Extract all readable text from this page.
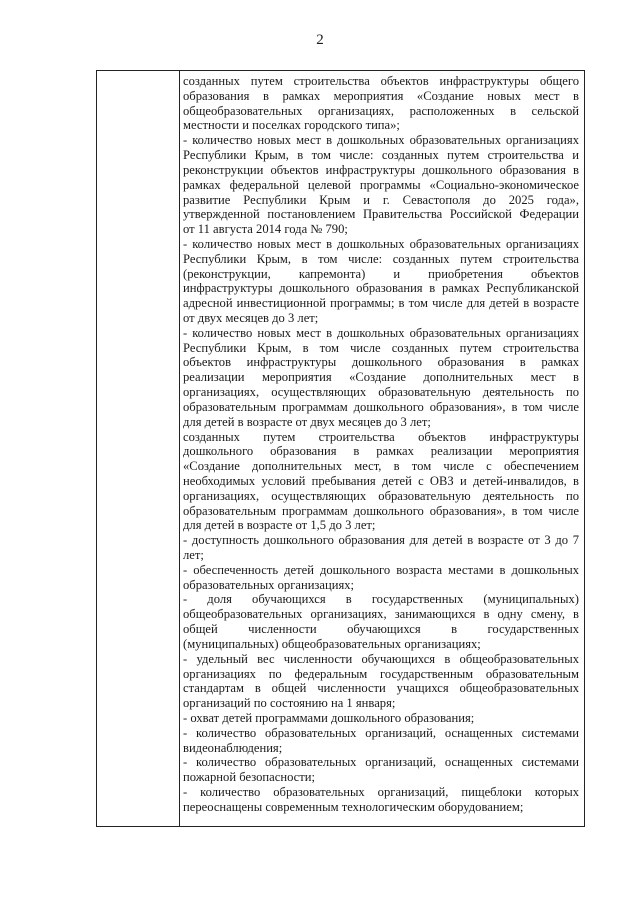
2
созданных путем строительства объектов инфраструктуры общего
образования в рамках мероприятия «Создание новых мест в
общеобразовательных организациях, расположенных в сельской
местности и поселках городского типа»;
- количество новых мест в дошкольных образовательных организациях
Республики Крым, в том числе: созданных путем строительства и
реконструкции объектов инфраструктуры дошкольного образования в
рамках федеральной целевой программы «Социально-экономическое
развитие Республики Крым и г. Севастополя до 2025 года»,
утвержденной постановлением Правительства Российской Федерации
от 11 августа 2014 года № 790;
- количество новых мест в дошкольных образовательных организациях
Республики Крым, в том числе: созданных путем строительства
(реконструкции, капремонта) и приобретения объектов
инфраструктуры дошкольного образования в рамках Республиканской
адресной инвестиционной программы; в том числе для детей в возрасте
от двух месяцев до 3 лет;
- количество новых мест в дошкольных образовательных организациях
Республики Крым, в том числе созданных путем строительства
объектов инфраструктуры дошкольного образования в рамках
реализации мероприятия «Создание дополнительных мест в
организациях, осуществляющих образовательную деятельность по
образовательным программам дошкольного образования», в том числе
для детей в возрасте от двух месяцев до 3 лет;
созданных путем строительства объектов инфраструктуры
дошкольного образования в рамках реализации мероприятия
«Создание дополнительных мест, в том числе с обеспечением
необходимых условий пребывания детей с ОВЗ и детей-инвалидов, в
организациях, осуществляющих образовательную деятельность по
образовательным программам дошкольного образования», в том числе
для детей в возрасте от 1,5 до 3 лет;
- доступность дошкольного образования для детей в возрасте от 3 до 7
лет;
- обеспеченность детей дошкольного возраста местами в дошкольных
образовательных организациях;
- доля обучающихся в государственных (муниципальных)
общеобразовательных организациях, занимающихся в одну смену, в
общей численности обучающихся в государственных
(муниципальных) общеобразовательных организациях;
- удельный вес численности обучающихся в общеобразовательных
организациях по федеральным государственным образовательным
стандартам в общей численности учащихся общеобразовательных
организаций по состоянию на 1 января;
- охват детей программами дошкольного образования;
- количество образовательных организаций, оснащенных системами
видеонаблюдения;
- количество образовательных организаций, оснащенных системами
пожарной безопасности;
- количество образовательных организаций, пищеблоки которых
переоснащены современным технологическим оборудованием;
